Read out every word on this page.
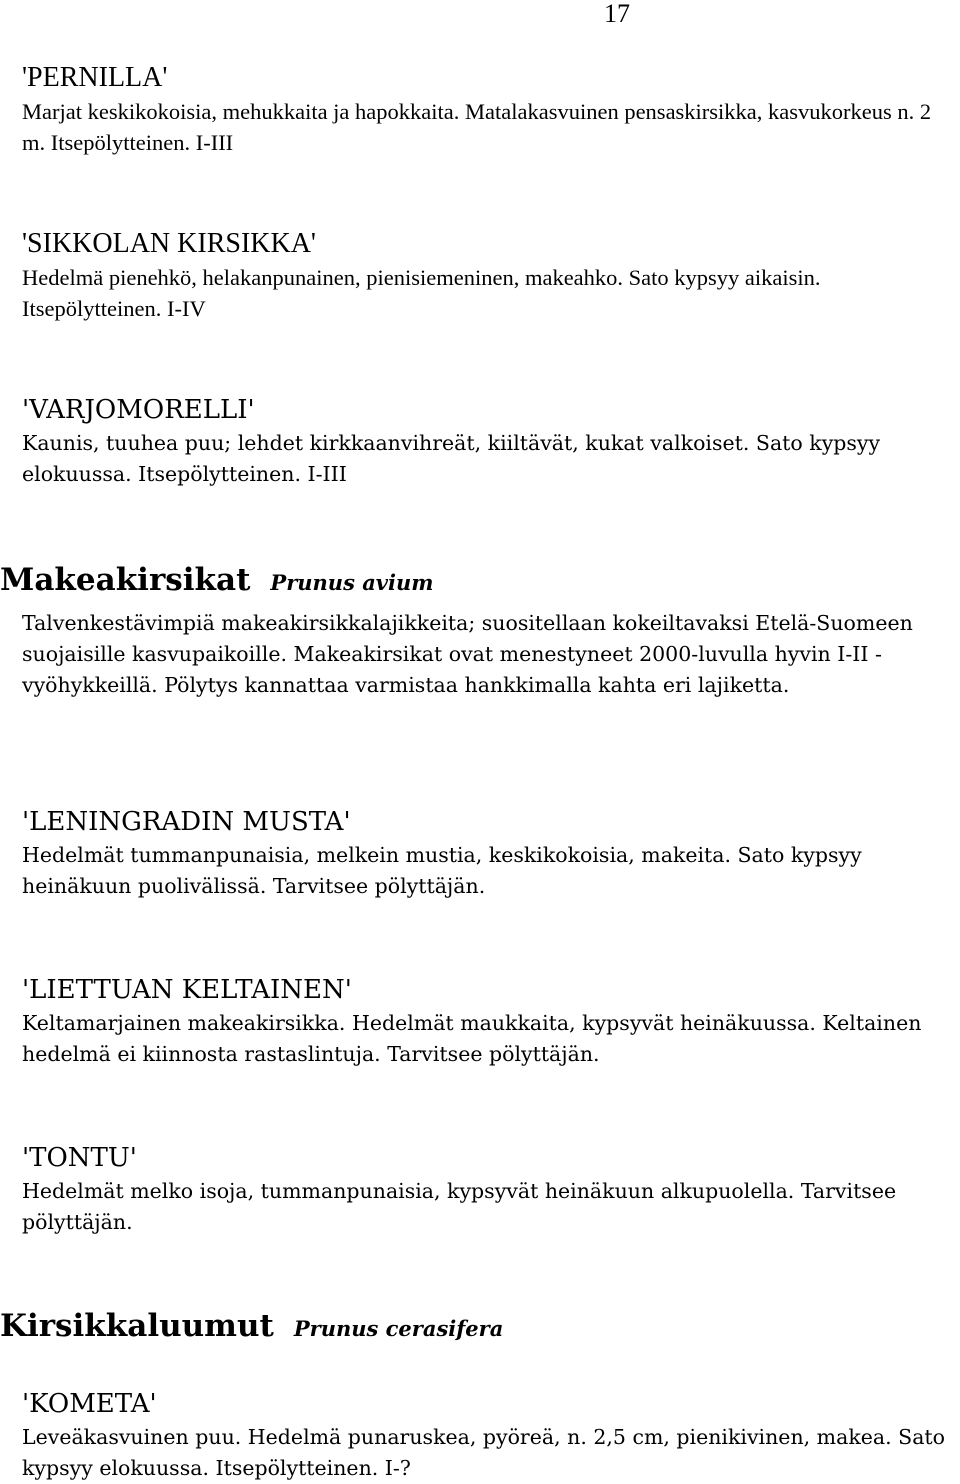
17
'PERNILLA'
Marjat keskikokoisia, mehukkaita ja hapokkaita. Matalakasvuinen pensaskirsikka, kasvukorkeus n. 2 m. Itsepölytteinen. I-III
'SIKKOLAN KIRSIKKA'
Hedelmä pienehkö, helakanpunainen, pienisiemeninen, makeahko. Sato kypsyy aikaisin. Itsepölytteinen. I-IV
'VARJOMORELLI'
Kaunis, tuuhea puu; lehdet kirkkaanvihreät, kiiltävät, kukat valkoiset. Sato kypsyy elokuussa. Itsepölytteinen. I-III
Makeakirsikat Prunus avium
Talvenkestävimpiä makeakirsikkalajikkeita; suositellaan kokeiltavaksi Etelä-Suomeen suojaisille kasvupaikoille. Makeakirsikat ovat menestyneet 2000-luvulla hyvin I-II -vyöhykkeillä. Pölytys kannattaa varmistaa hankkimalla kahta eri lajiketta.
'LENINGRADIN MUSTA'
Hedelmät tummanpunaisia, melkein mustia, keskikokoisia, makeita. Sato kypsyy heinäkuun puolivälissä. Tarvitsee pölyttäjän.
'LIETTUAN KELTAINEN'
Keltamarjainen makeakirsikka. Hedelmät maukkaita, kypsyvät heinäkuussa. Keltainen hedelmä ei kiinnosta rastaslintuja. Tarvitsee pölyttäjän.
'TONTU'
Hedelmät melko isoja, tummanpunaisia, kypsyvät heinäkuun alkupuolella. Tarvitsee pölyttäjän.
Kirsikkaluumut Prunus cerasifera
'KOMETA'
Leveäkasvuinen puu. Hedelmä punaruskea, pyöreä, n. 2,5 cm, pienikivinen, makea. Sato kypsyy elokuussa. Itsepölytteinen. I-?
